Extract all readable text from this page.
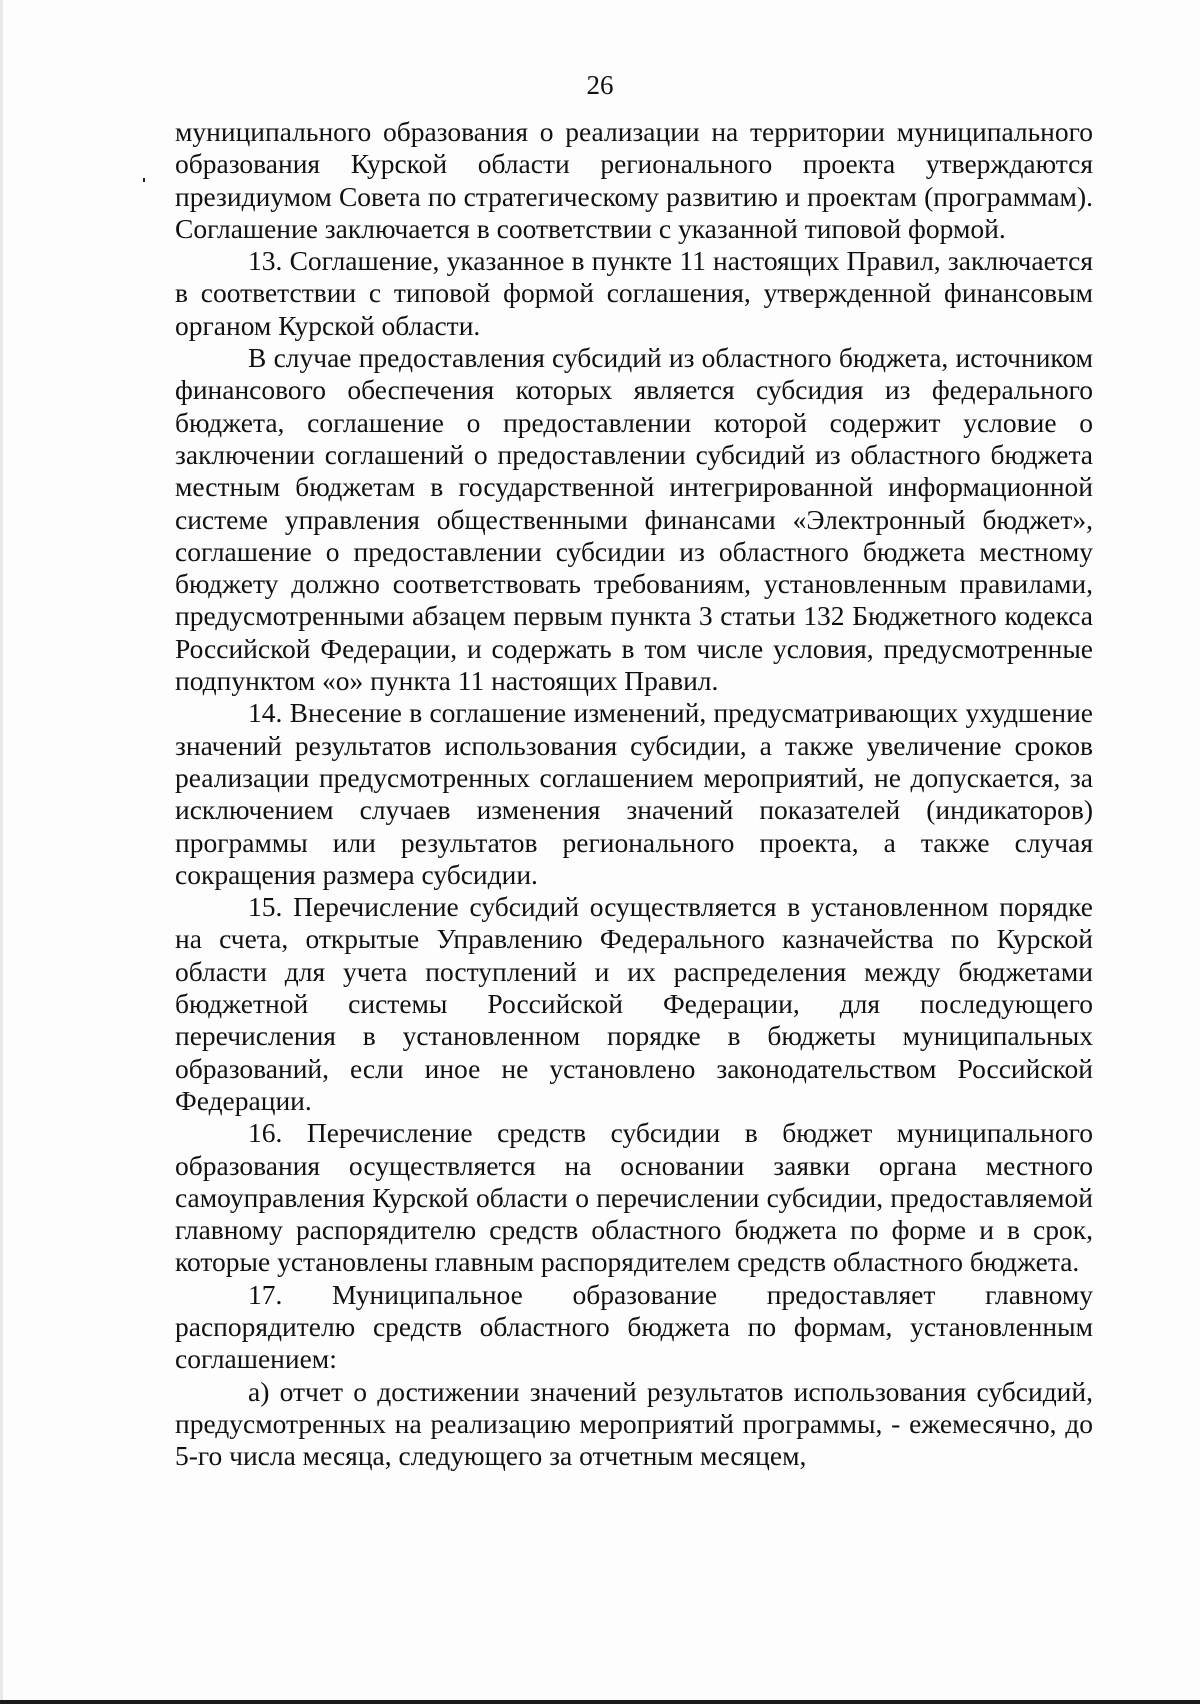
26

муниципального образования о реализации на территории муниципального образования Курской области регионального проекта утверждаются президиумом Совета по стратегическому развитию и проектам (программам). Соглашение заключается в соответствии с указанной типовой формой.

13. Соглашение, указанное в пункте 11 настоящих Правил, заключается в соответствии с типовой формой соглашения, утвержденной финансовым органом Курской области.

В случае предоставления субсидий из областного бюджета, источником финансового обеспечения которых является субсидия из федерального бюджета, соглашение о предоставлении которой содержит условие о заключении соглашений о предоставлении субсидий из областного бюджета местным бюджетам в государственной интегрированной информационной системе управления общественными финансами «Электронный бюджет», соглашение о предоставлении субсидии из областного бюджета местному бюджету должно соответствовать требованиям, установленным правилами, предусмотренными абзацем первым пункта 3 статьи 132 Бюджетного кодекса Российской Федерации, и содержать в том числе условия, предусмотренные подпунктом «о» пункта 11 настоящих Правил.

14. Внесение в соглашение изменений, предусматривающих ухудшение значений результатов использования субсидии, а также увеличение сроков реализации предусмотренных соглашением мероприятий, не допускается, за исключением случаев изменения значений показателей (индикаторов) программы или результатов регионального проекта, а также случая сокращения размера субсидии.

15. Перечисление субсидий осуществляется в установленном порядке на счета, открытые Управлению Федерального казначейства по Курской области для учета поступлений и их распределения между бюджетами бюджетной системы Российской Федерации, для последующего перечисления в установленном порядке в бюджеты муниципальных образований, если иное не установлено законодательством Российской Федерации.

16. Перечисление средств субсидии в бюджет муниципального образования осуществляется на основании заявки органа местного самоуправления Курской области о перечислении субсидии, предоставляемой главному распорядителю средств областного бюджета по форме и в срок, которые установлены главным распорядителем средств областного бюджета.

17. Муниципальное образование предоставляет главному распорядителю средств областного бюджета по формам, установленным соглашением:

а) отчет о достижении значений результатов использования субсидий, предусмотренных на реализацию мероприятий программы, - ежемесячно, до 5-го числа месяца, следующего за отчетным месяцем,
